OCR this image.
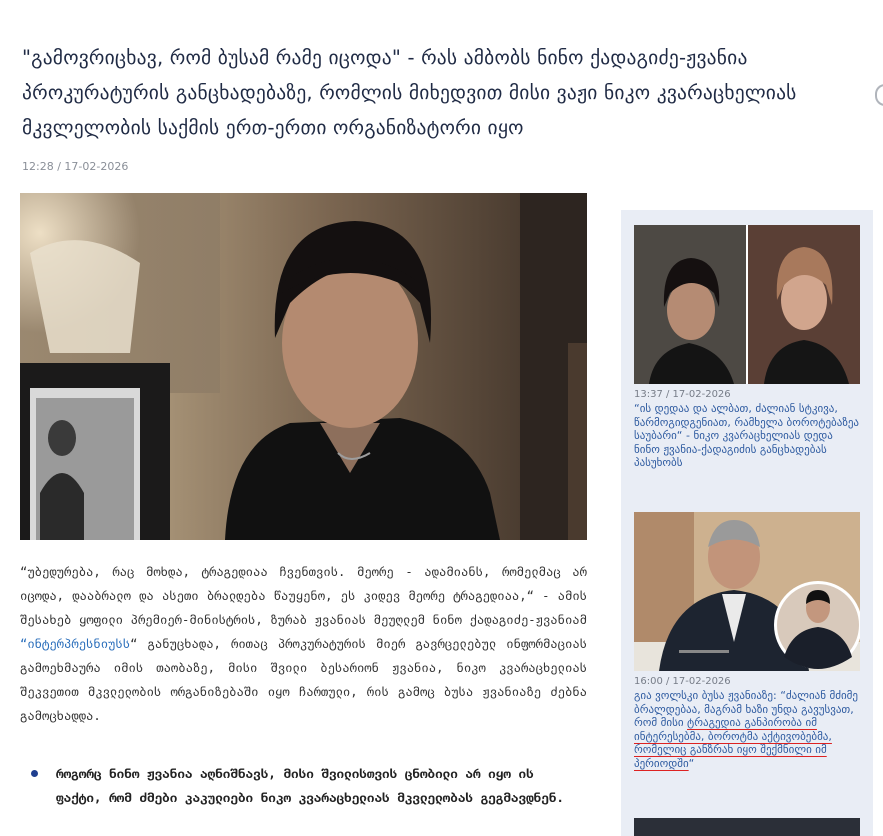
"გამოვრიცხავ, რომ ბუსამ რამე იცოდა" - რას ამბობს ნინო ქადაგიძე-ჟვანია პროკურატურის განცხადებაზე, რომლის მიხედვით მისი ვაჟი ნიკო კვარაცხელიას მკვლელობის საქმის ერთ-ერთი ორგანიზატორი იყო
12:28 / 17-02-2026

“უბედურება, რაც მოხდა, ტრაგედიაა ჩვენთვის. მეორე - ადამიანს, რომელმაც არ იცოდა, დააბრალო და ასეთი ბრალდება წაუყენო, ეს კიდევ მეორე ტრაგედიაა,“ - ამის შესახებ ყოფილი პრემიერ-მინისტრის, ზურაბ ჟვანიას მეუღლემ ნინო ქადაგიძე-ჟვანიამ “ინტერპრესნიუსს“ განუცხადა, რითაც პროკურატურის მიერ გავრცელებულ ინფორმაციას გამოეხმაურა იმის თაობაზე, მისი შვილი ბესარიონ ჟვანია, ნიკო კვარაცხელიას შეკვეთით მკვლელობის ორგანიზებაში იყო ჩართული, რის გამოც ბუსა ჟვანიაზე ძებნა გამოცხადდა.

როგორც ნინო ჟვანია აღნიშნავს, მისი შვილისთვის ცნობილი არ იყო ის ფაქტი, რომ ძმები კაკულიები ნიკო კვარაცხელიას მკვლელობას გეგმავდნენ.
13:37 / 17-02-2026
“ის დედაა და ალბათ, ძალიან სტკივა, წარმოგიდგენიათ, რამხელა ბოროტებაზეა საუბარი“ - ნიკო კვარაცხელიას დედა ნინო ჟვანია-ქადაგიძის განცხადებას პასუხობს
16:00 / 17-02-2026
გია ვოლსკი ბუსა ჟვანიაზე: “ძალიან მძიმე ბრალდებაა, მაგრამ ხაზი უნდა გავუსვათ, რომ მისი ტრაგედია განპირობა იმ ინტერესებმა, ბოროტმა აქტივობებმა, რომელიც განზრახ იყო შექმნილი იმ პერიოდში“
